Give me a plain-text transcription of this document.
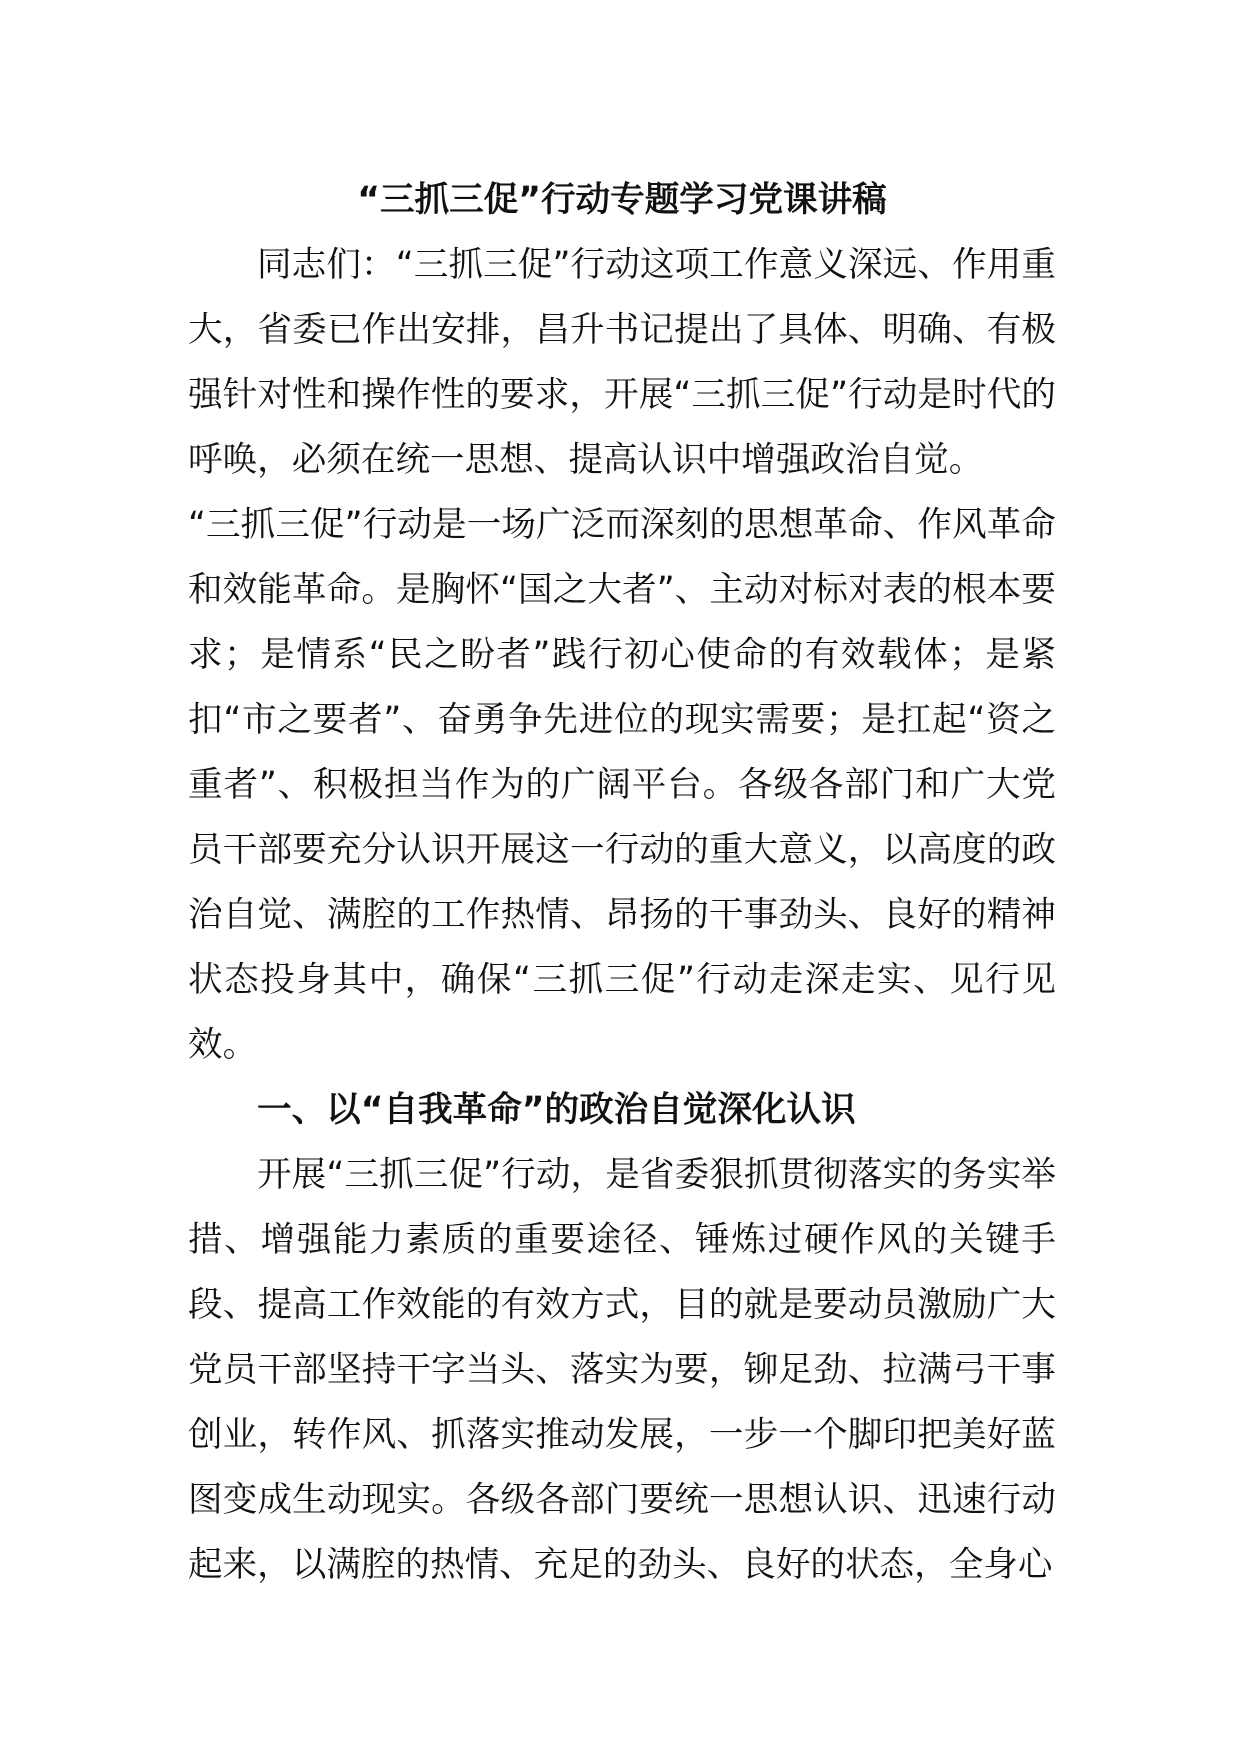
“三抓三促”行动专题学习党课讲稿

同志们：“三抓三促”行动这项工作意义深远、作用重大，省委已作出安排，昌升书记提出了具体、明确、有极强针对性和操作性的要求，开展“三抓三促”行动是时代的呼唤，必须在统一思想、提高认识中增强政治自觉。

“三抓三促”行动是一场广泛而深刻的思想革命、作风革命和效能革命。是胸怀“国之大者”、主动对标对表的根本要求；是情系“民之盼者”践行初心使命的有效载体；是紧扣“市之要者”、奋勇争先进位的现实需要；是扛起“资之重者”、积极担当作为的广阔平台。各级各部门和广大党员干部要充分认识开展这一行动的重大意义，以高度的政治自觉、满腔的工作热情、昂扬的干事劲头、良好的精神状态投身其中，确保“三抓三促”行动走深走实、见行见效。

一、以“自我革命”的政治自觉深化认识

开展“三抓三促”行动，是省委狠抓贯彻落实的务实举措、增强能力素质的重要途径、锤炼过硬作风的关键手段、提高工作效能的有效方式，目的就是要动员激励广大党员干部坚持干字当头、落实为要，铆足劲、拉满弓干事创业，转作风、抓落实推动发展，一步一个脚印把美好蓝图变成生动现实。各级各部门要统一思想认识、迅速行动起来，以满腔的热情、充足的劲头、良好的状态，全身心
